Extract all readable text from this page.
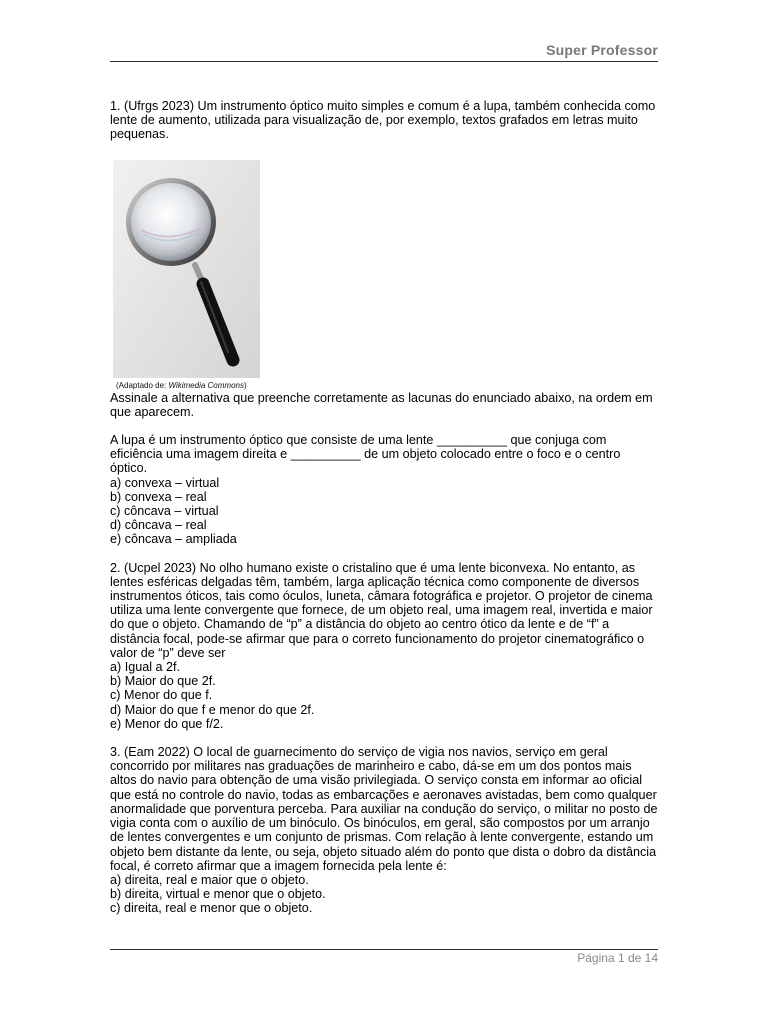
Super Professor

1. (Ufrgs 2023) Um instrumento óptico muito simples e comum é a lupa, também conhecida como lente de aumento, utilizada para visualização de, por exemplo, textos grafados em letras muito pequenas.

(Adaptado de: Wikimedia Commons)

Assinale a alternativa que preenche corretamente as lacunas do enunciado abaixo, na ordem em que aparecem.

A lupa é um instrumento óptico que consiste de uma lente __________ que conjuga com eficiência uma imagem direita e __________ de um objeto colocado entre o foco e o centro óptico.

a) convexa – virtual

b) convexa – real

c) côncava – virtual

d) côncava – real

e) côncava – ampliada

2. (Ucpel 2023) No olho humano existe o cristalino que é uma lente biconvexa. No entanto, as lentes esféricas delgadas têm, também, larga aplicação técnica como componente de diversos instrumentos óticos, tais como óculos, luneta, câmara fotográfica e projetor. O projetor de cinema utiliza uma lente convergente que fornece, de um objeto real, uma imagem real, invertida e maior do que o objeto. Chamando de “p” a distância do objeto ao centro ótico da lente e de “f” a distância focal, pode-se afirmar que para o correto funcionamento do projetor cinematográfico o valor de “p” deve ser

a) Igual a 2f.

b) Maior do que 2f.

c) Menor do que f.

d) Maior do que f e menor do que 2f.

e) Menor do que f/2.

3. (Eam 2022) O local de guarnecimento do serviço de vigia nos navios, serviço em geral concorrido por militares nas graduações de marinheiro e cabo, dá-se em um dos pontos mais altos do navio para obtenção de uma visão privilegiada. O serviço consta em informar ao oficial que está no controle do navio, todas as embarcações e aeronaves avistadas, bem como qualquer anormalidade que porventura perceba. Para auxiliar na condução do serviço, o militar no posto de vigia conta com o auxílio de um binóculo. Os binóculos, em geral, são compostos por um arranjo de lentes convergentes e um conjunto de prismas. Com relação à lente convergente, estando um objeto bem distante da lente, ou seja, objeto situado além do ponto que dista o dobro da distância focal, é correto afirmar que a imagem fornecida pela lente é:

a) direita, real e maior que o objeto.

b) direita, virtual e menor que o objeto.

c) direita, real e menor que o objeto.

Página 1 de 14
